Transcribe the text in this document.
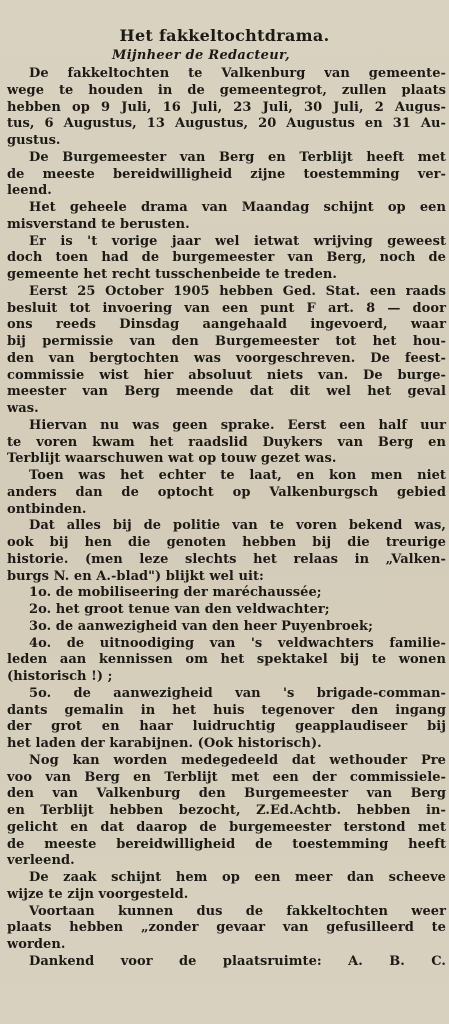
Het fakkeltochtdrama.
Mijnheer de Redacteur,
De fakkeltochten te Valkenburg van gemeente-
wege te houden in de gemeentegrot, zullen plaats
hebben op 9 Juli, 16 Juli, 23 Juli, 30 Juli, 2 Augus-
tus, 6 Augustus, 13 Augustus, 20 Augustus en 31 Au-
gustus.
De Burgemeester van Berg en Terblijt heeft met
de meeste bereidwilligheid zijne toestemming ver-
leend.
Het geheele drama van Maandag schijnt op een
misverstand te berusten.
Er is 't vorige jaar wel ietwat wrijving geweest
doch toen had de burgemeester van Berg, noch de
gemeente het recht tusschenbeide te treden.
Eerst 25 October 1905 hebben Ged. Stat. een raads
besluit tot invoering van een punt F art. 8 — door
ons reeds Dinsdag aangehaald ingevoerd, waar
bij permissie van den Burgemeester tot het hou-
den van bergtochten was voorgeschreven. De feest-
commissie wist hier absoluut niets van. De burge-
meester van Berg meende dat dit wel het geval
was.
Hiervan nu was geen sprake. Eerst een half uur
te voren kwam het raadslid Duykers van Berg en
Terblijt waarschuwen wat op touw gezet was.
Toen was het echter te laat, en kon men niet
anders dan de optocht op Valkenburgsch gebied
ontbinden.
Dat alles bij de politie van te voren bekend was,
ook bij hen die genoten hebben bij die treurige
historie. (men leze slechts het relaas in „Valken-
burgs N. en A.-blad") blijkt wel uit:
1o. de mobiliseering der maréchaussée;
2o. het groot tenue van den veldwachter;
3o. de aanwezigheid van den heer Puyenbroek;
4o. de uitnoodiging van 's veldwachters familie-
leden aan kennissen om het spektakel bij te wonen
(historisch !) ;
5o. de aanwezigheid van 's brigade-comman-
dants gemalin in het huis tegenover den ingang
der grot en haar luidruchtig geapplaudiseer bij
het laden der karabijnen. (Ook historisch).
Nog kan worden medegedeeld dat wethouder Pre
voo van Berg en Terblijt met een der commissiele-
den van Valkenburg den Burgemeester van Berg
en Terblijt hebben bezocht, Z.Ed.Achtb. hebben in-
gelicht en dat daarop de burgemeester terstond met
de meeste bereidwilligheid de toestemming heeft
verleend.
De zaak schijnt hem op een meer dan scheeve
wijze te zijn voorgesteld.
Voortaan kunnen dus de fakkeltochten weer
plaats hebben „zonder gevaar van gefusilleerd te
worden.
Dankend voor de plaatsruimte: A. B. C.
